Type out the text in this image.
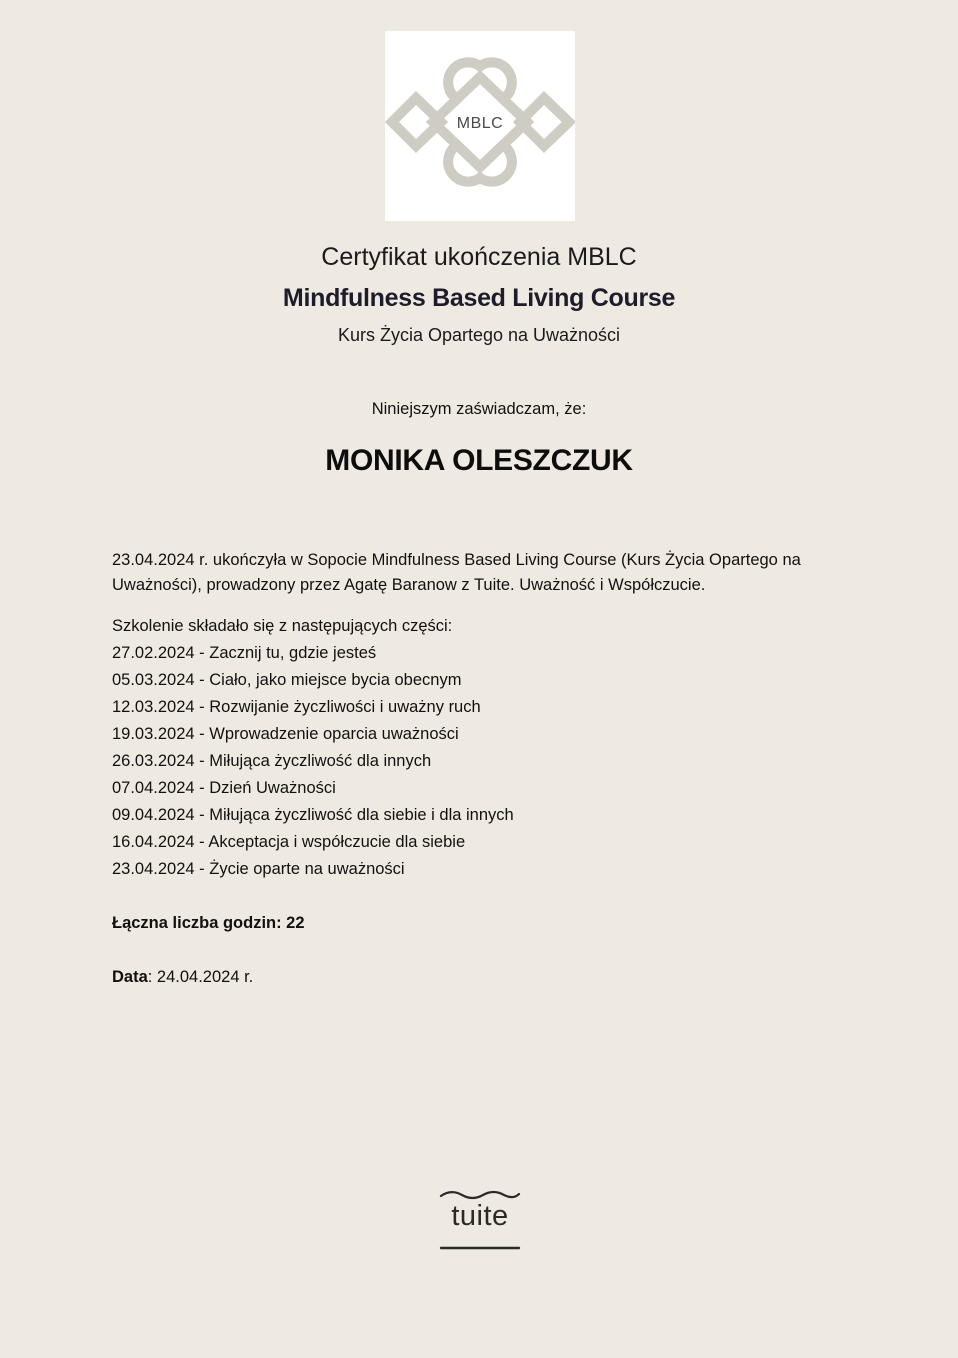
MBLC
Certyfikat ukończenia MBLC
Mindfulness Based Living Course
Kurs Życia Opartego na Uważności
Niniejszym zaświadczam, że:
MONIKA OLESZCZUK
23.04.2024 r. ukończyła w Sopocie Mindfulness Based Living Course (Kurs Życia Opartego na
Uważności), prowadzony przez Agatę Baranow z Tuite. Uważność i Współczucie.
Szkolenie składało się z następujących części:
27.02.2024 - Zacznij tu, gdzie jesteś
05.03.2024 - Ciało, jako miejsce bycia obecnym
12.03.2024 - Rozwijanie życzliwości i uważny ruch
19.03.2024 - Wprowadzenie oparcia uważności
26.03.2024 - Miłująca życzliwość dla innych
07.04.2024 - Dzień Uważności
09.04.2024 - Miłująca życzliwość dla siebie i dla innych
16.04.2024 - Akceptacja i współczucie dla siebie
23.04.2024 - Życie oparte na uważności
Łączna liczba godzin: 22
Data: 24.04.2024 r.
tuite
